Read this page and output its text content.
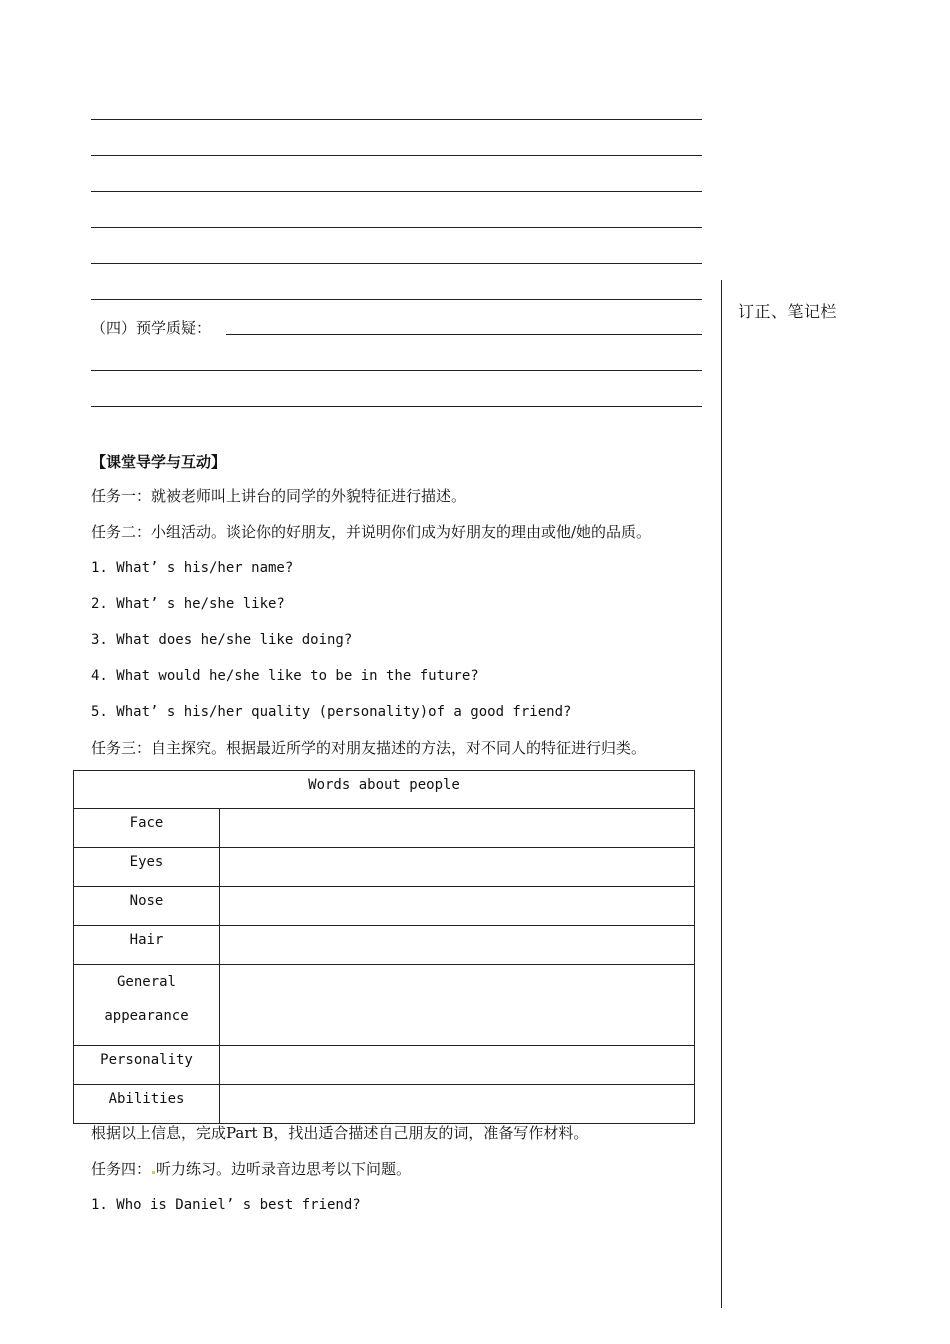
（四）预学质疑：
订正、笔记栏
【课堂导学与互动】
任务一：就被老师叫上讲台的同学的外貌特征进行描述。
任务二：小组活动。谈论你的好朋友，并说明你们成为好朋友的理由或他/她的品质。
1. What’ s his/her name?
2. What’ s he/she like?
3. What does he/she like doing?
4. What would he/she like to be in the future?
5. What’ s his/her quality (personality)of a good friend?
任务三：自主探究。根据最近所学的对朋友描述的方法，对不同人的特征进行归类。
Words about people	
Face	
Eyes	
Nose	
Hair	

General
appearance	

Personality	
Abilities	
根据以上信息，完成Part B，找出适合描述自己朋友的词，准备写作材料。
任务四： 听力练习。边听录音边思考以下问题。
1. Who is Daniel’ s best friend?
